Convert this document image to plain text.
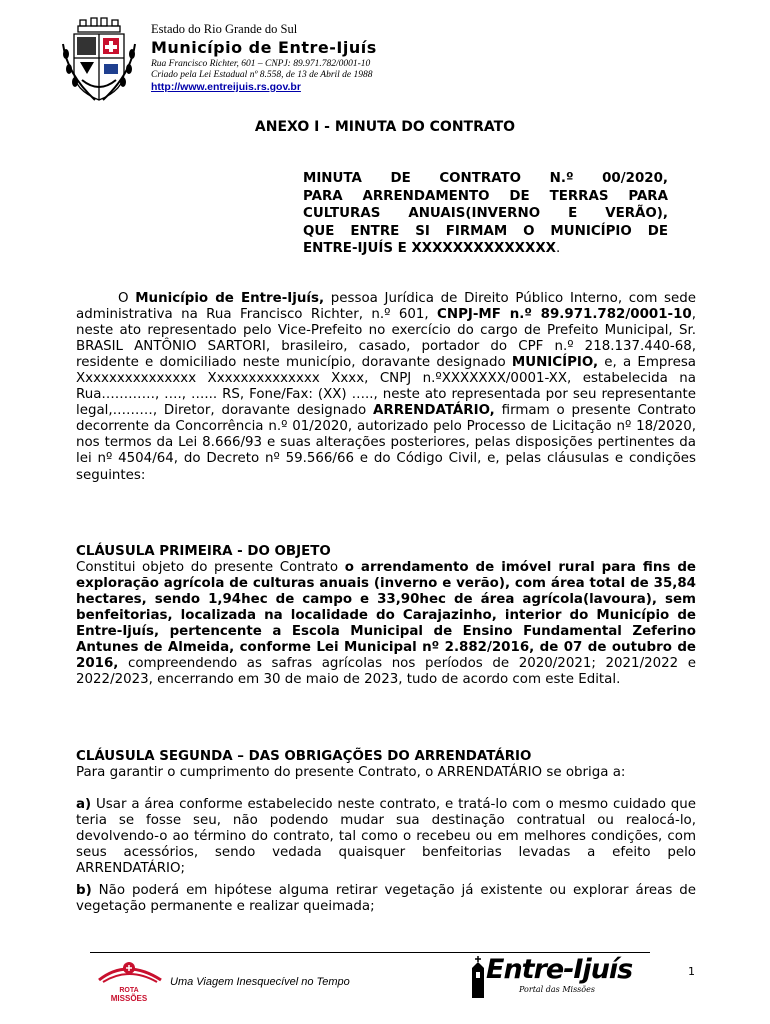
Estado do Rio Grande do Sul
Município de Entre-Ijuís
Rua Francisco Richter, 601 – CNPJ: 89.971.782/0001-10
Criado pela Lei Estadual nº 8.558, de 13 de Abril de 1988
http://www.entreijuis.rs.gov.br
ANEXO I - MINUTA DO CONTRATO
MINUTA DE CONTRATO N.º 00/2020,
PARA ARRENDAMENTO DE TERRAS PARA
CULTURAS ANUAIS(INVERNO E VERÃO),
QUE ENTRE SI FIRMAM O MUNICÍPIO DE
ENTRE-IJUÍS E XXXXXXXXXXXXXX.
O Município de Entre-Ijuís, pessoa Jurídica de Direito Público Interno, com sede administrativa na Rua Francisco Richter, n.º 601, CNPJ-MF n.º 89.971.782/0001-10, neste ato representado pelo Vice-Prefeito no exercício do cargo de Prefeito Municipal, Sr. BRASIL ANTÔNIO SARTORI, brasileiro, casado, portador do CPF n.º 218.137.440-68, residente e domiciliado neste município, doravante designado MUNICÍPIO, e, a Empresa Xxxxxxxxxxxxxxx Xxxxxxxxxxxxxx Xxxx, CNPJ n.ºXXXXXXX/0001-XX, estabelecida na Rua…………, …., …... RS, Fone/Fax: (XX) ….., neste ato representada por seu representante legal,………, Diretor, doravante designado ARRENDATÁRIO, firmam o presente Contrato decorrente da Concorrência n.º 01/2020, autorizado pelo Processo de Licitação nº 18/2020, nos termos da Lei 8.666/93 e suas alterações posteriores, pelas disposições pertinentes da lei nº 4504/64, do Decreto nº 59.566/66 e do Código Civil, e, pelas cláusulas e condições seguintes:
CLÁUSULA PRIMEIRA - DO OBJETO
Constitui objeto do presente Contrato o arrendamento de imóvel rural para fins de exploração agrícola de culturas anuais (inverno e verão), com área total de 35,84 hectares, sendo 1,94hec de campo e 33,90hec de área agrícola(lavoura), sem benfeitorias, localizada na localidade do Carajazinho, interior do Município de Entre-Ijuís, pertencente a Escola Municipal de Ensino Fundamental Zeferino Antunes de Almeida, conforme Lei Municipal nº 2.882/2016, de 07 de outubro de 2016, compreendendo as safras agrícolas nos períodos de 2020/2021; 2021/2022 e 2022/2023, encerrando em 30 de maio de 2023, tudo de acordo com este Edital.
CLÁUSULA SEGUNDA – DAS OBRIGAÇÕES DO ARRENDATÁRIO
Para garantir o cumprimento do presente Contrato, o ARRENDATÁRIO se obriga a:
a) Usar a área conforme estabelecido neste contrato, e tratá-lo com o mesmo cuidado que teria se fosse seu, não podendo mudar sua destinação contratual ou realocá-lo, devolvendo-o ao término do contrato, tal como o recebeu ou em melhores condições, com seus acessórios, sendo vedada quaisquer benfeitorias levadas a efeito pelo ARRENDATÁRIO;
b) Não poderá em hipótese alguma retirar vegetação já existente ou explorar áreas de vegetação permanente e realizar queimada;
ROTA
MISSÕES
Uma Viagem Inesquecível no Tempo	Entre-Ijuís
Portal das Missões
1
